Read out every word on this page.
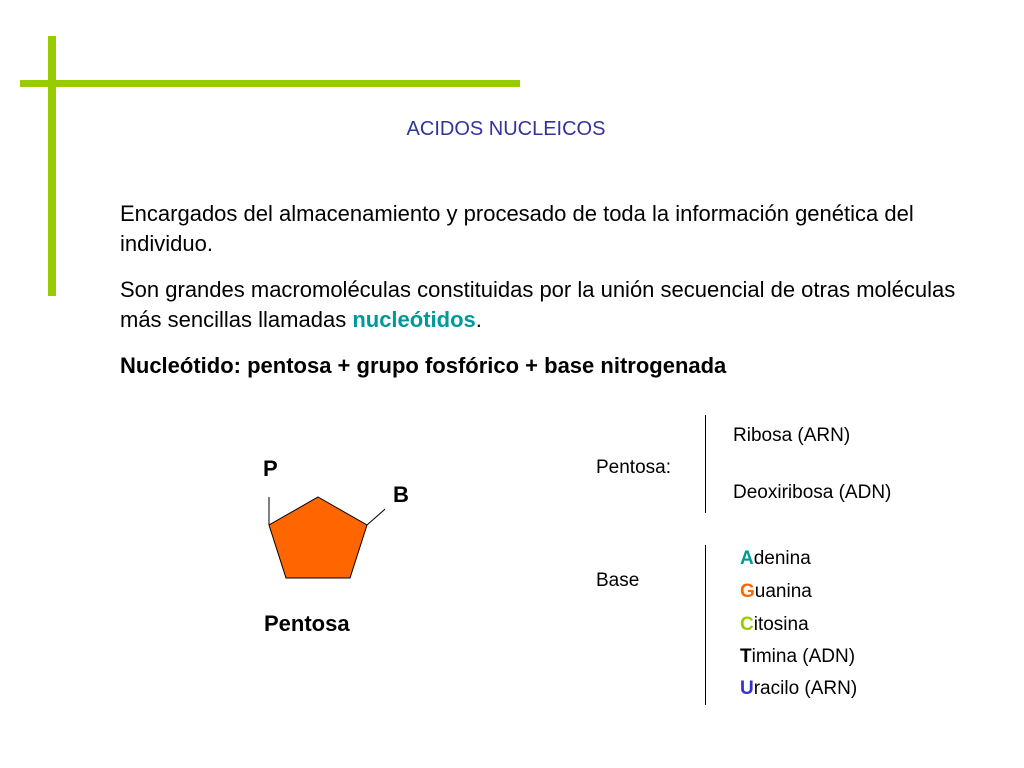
ACIDOS NUCLEICOS

Encargados del almacenamiento y procesado de toda la información genética del individuo.

Son grandes macromoléculas constituidas por la unión secuencial de otras moléculas más sencillas llamadas nucleótidos.

Nucleótido: pentosa + grupo fosfórico + base nitrogenada

P
B
Pentosa
Pentosa:
Ribosa (ARN)
Deoxiribosa (ADN)
Base
Adenina
Guanina
Citosina
Timina (ADN)
Uracilo (ARN)
